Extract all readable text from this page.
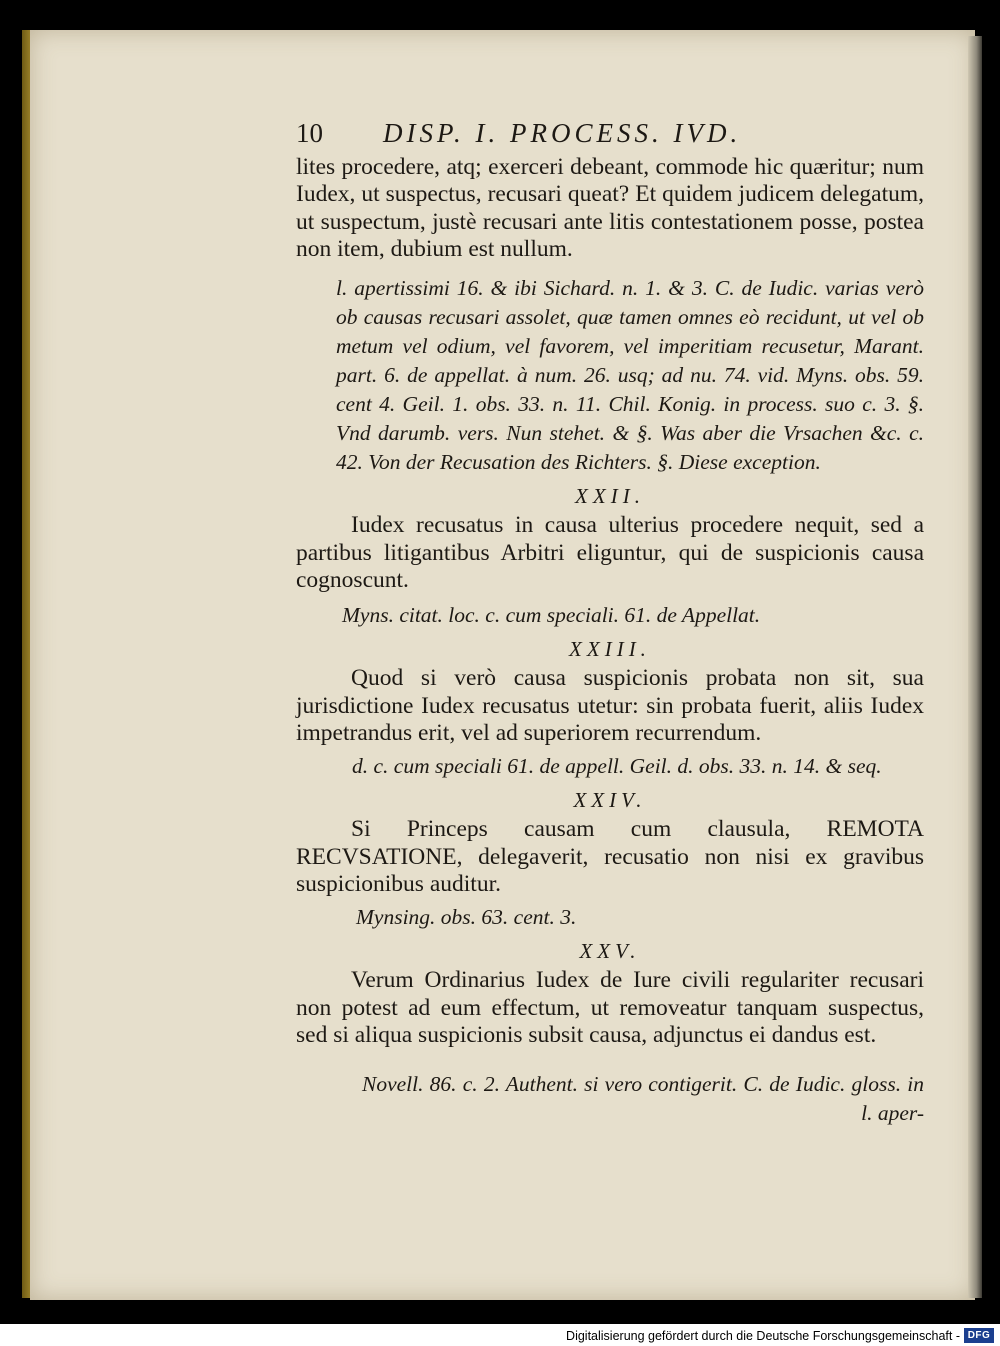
10 DISP. I. PROCESS. IVD.

lites procedere, atq; exerceri debeant, commode hic quæritur; num Iudex, ut suspectus, recusari queat? Et quidem judicem delegatum, ut suspectum, justè recusari ante litis contestationem posse, postea non item, dubium est nullum.

l. apertissimi 16. & ibi Sichard. n. 1. & 3. C. de Iudic. varias verò ob causas recusari assolet, quæ tamen omnes eò recidunt, ut vel ob metum vel odium, vel favorem, vel imperitiam recusetur, Marant. part. 6. de appellat. à num. 26. usq; ad nu. 74. vid. Myns. obs. 59. cent 4. Geil. 1. obs. 33. n. 11. Chil. Konig. in process. suo c. 3. §. Vnd darumb. vers. Nun stehet. & §. Was aber die Vrsachen &c. c. 42. Von der Recusation des Richters. §. Diese exception.

XXII.

Iudex recusatus in causa ulterius procedere nequit, sed a partibus litigantibus Arbitri eliguntur, qui de suspicionis causa cognoscunt.

Myns. citat. loc. c. cum speciali. 61. de Appellat.

XXIII.

Quod si verò causa suspicionis probata non sit, sua jurisdictione Iudex recusatus utetur: sin probata fuerit, aliis Iudex impetrandus erit, vel ad superiorem recurrendum.

d. c. cum speciali 61. de appell. Geil. d. obs. 33. n. 14. & seq.

XXIV.

Si Princeps causam cum clausula, REMOTA RECVSATIONE, delegaverit, recusatio non nisi ex gravibus suspicionibus auditur.

Mynsing. obs. 63. cent. 3.

XXV.

Verum Ordinarius Iudex de Iure civili regulariter recusari non potest ad eum effectum, ut removeatur tanquam suspectus, sed si aliqua suspicionis subsit causa, adjunctus ei dandus est.

Novell. 86. c. 2. Authent. si vero contigerit. C. de Iudic. gloss. in l. aper-

Digitalisierung gefördert durch die Deutsche Forschungsgemeinschaft - DFG
